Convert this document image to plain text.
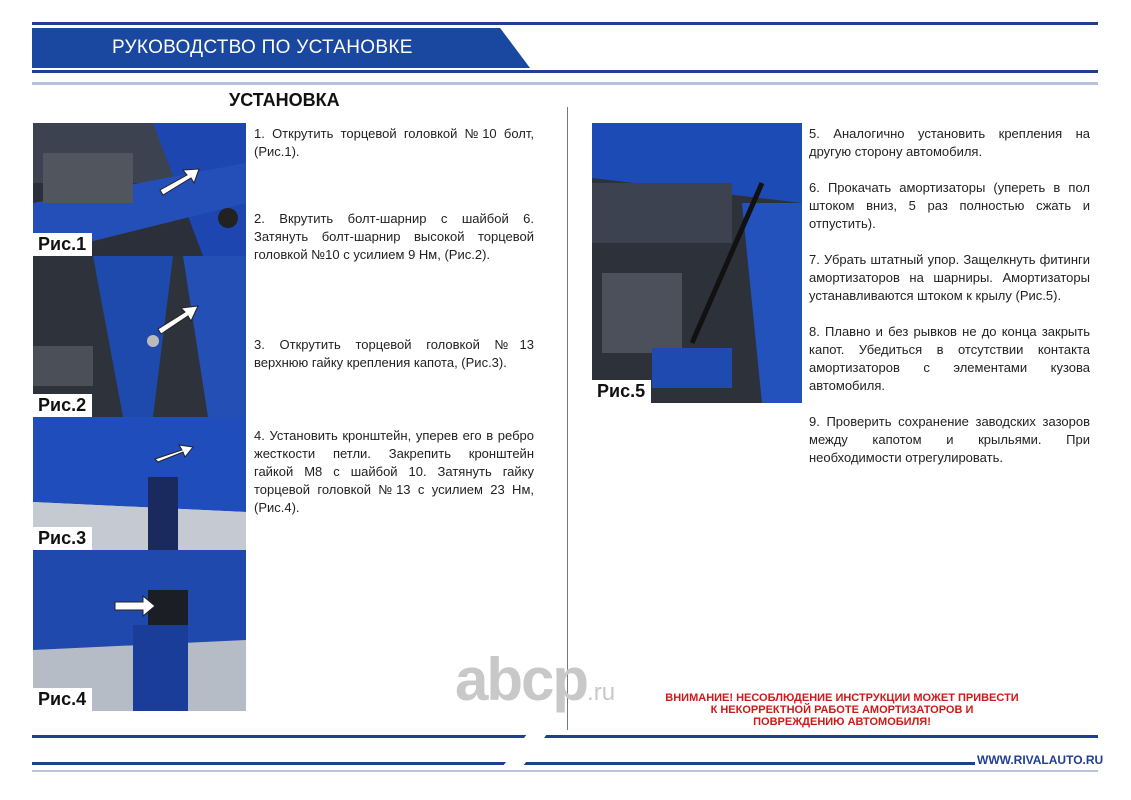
РУКОВОДСТВО ПО УСТАНОВКЕ
УСТАНОВКА
Рис.1
Рис.2
Рис.3
Рис.4
1. Открутить торцевой головкой №10 болт, (Рис.1).
2. Вкрутить болт-шарнир с шайбой 6. Затянуть болт-шарнир высокой торцевой головкой №10 с усилием 9 Нм, (Рис.2).
3. Открутить торцевой головкой №13 верхнюю гайку крепления капота, (Рис.3).
4. Установить кронштейн, уперев его в ребро жесткости петли. Закрепить кронштейн гайкой М8 с шайбой 10. Затянуть гайку торцевой головкой №13 с усилием 23 Нм, (Рис.4).
Рис.5
5. Аналогично установить крепления на другую сторону автомобиля.
6. Прокачать амортизаторы (упереть в пол штоком вниз, 5 раз полностью сжать и отпустить).
7. Убрать штатный упор. Защелкнуть фитинги амортизаторов на шарниры. Амортизаторы устанавливаются штоком к крылу (Рис.5).
8. Плавно и без рывков не до конца закрыть капот. Убедиться в отсутствии контакта амортизаторов с элементами кузова автомобиля.
9. Проверить сохранение заводских зазоров между капотом и крыльями. При необходимости отрегулировать.
abcp.ru	ВНИМАНИЕ! НЕСОБЛЮДЕНИЕ ИНСТРУКЦИИ МОЖЕТ ПРИВЕСТИ К НЕКОРРЕКТНОЙ РАБОТЕ АМОРТИЗАТОРОВ И ПОВРЕЖДЕНИЮ АВТОМОБИЛЯ!
WWW.RIVALAUTO.RU
